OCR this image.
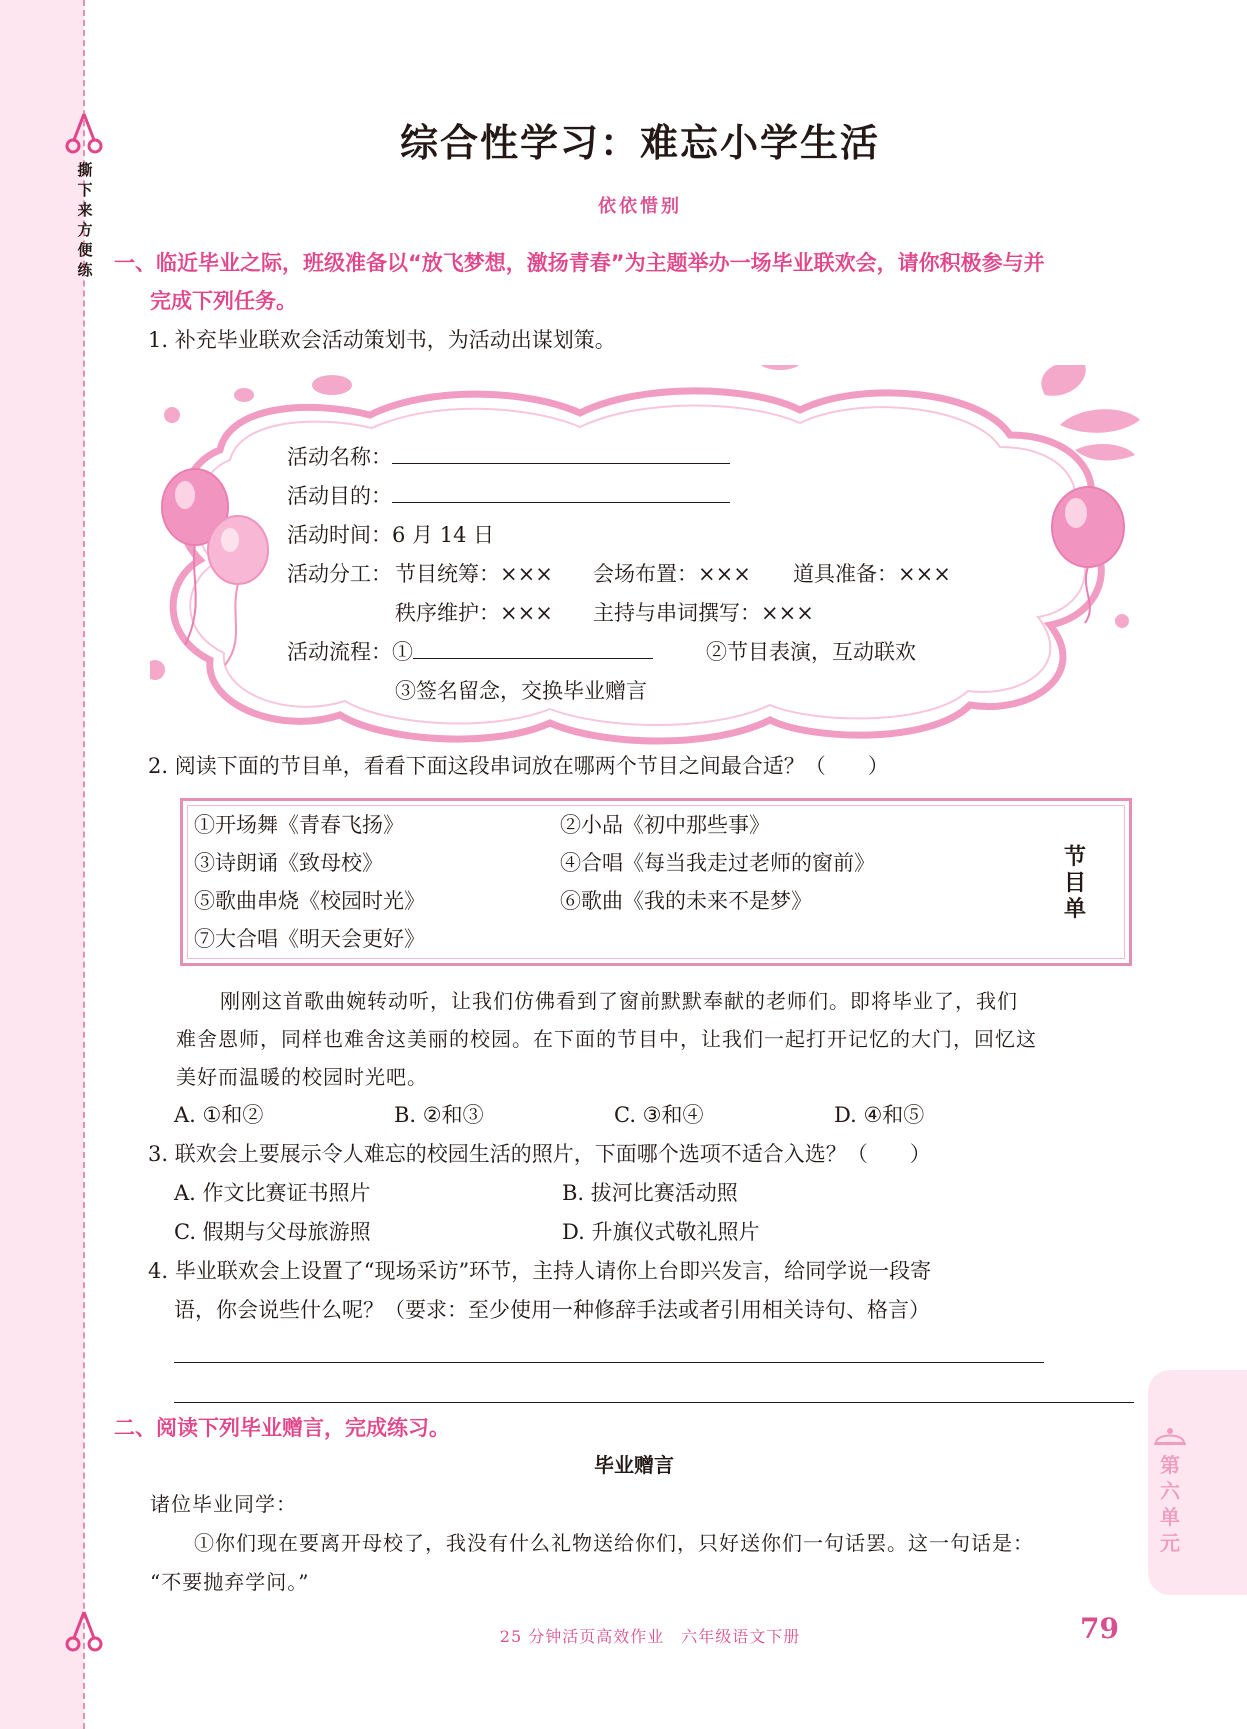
撕下来 方便练
综合性学习：难忘小学生活
依依惜别
一、临近毕业之际，班级准备以“放飞梦想，激扬青春”为主题举办一场毕业联欢会，请你积极参与并
完成下列任务。
1. 补充毕业联欢会活动策划书，为活动出谋划策。
活动名称：
活动目的：
活动时间：6 月 14 日
活动分工： 节目统筹：××× 会场布置：××× 道具准备：×××
秩序维护：××× 主持与串词撰写：×××
活动流程：①	②节目表演，互动联欢
③签名留念，交换毕业赠言
2. 阅读下面的节目单，看看下面这段串词放在哪两个节目之间最合适？（　　）
①开场舞《青春飞扬》	②小品《初中那些事》
③诗朗诵《致母校》	④合唱《每当我走过老师的窗前》
⑤歌曲串烧《校园时光》	⑥歌曲《我的未来不是梦》
⑦大合唱《明天会更好》
节目单
刚刚这首歌曲婉转动听，让我们仿佛看到了窗前默默奉献的老师们。即将毕业了，我们
难舍恩师，同样也难舍这美丽的校园。在下面的节目中，让我们一起打开记忆的大门，回忆这
美好而温暖的校园时光吧。
A. ①和②	B. ②和③	C. ③和④	D. ④和⑤
3. 联欢会上要展示令人难忘的校园生活的照片，下面哪个选项不适合入选？（　　）
A. 作文比赛证书照片	B. 拔河比赛活动照
C. 假期与父母旅游照	D. 升旗仪式敬礼照片
4. 毕业联欢会上设置了“现场采访”环节，主持人请你上台即兴发言，给同学说一段寄
语，你会说些什么呢？（要求：至少使用一种修辞手法或者引用相关诗句、格言）
二、阅读下列毕业赠言，完成练习。
毕业赠言
诸位毕业同学：
①你们现在要离开母校了，我没有什么礼物送给你们，只好送你们一句话罢。这一句话是：
“不要抛弃学问。”
第六单元
25 分钟活页高效作业　六年级语文下册	79
